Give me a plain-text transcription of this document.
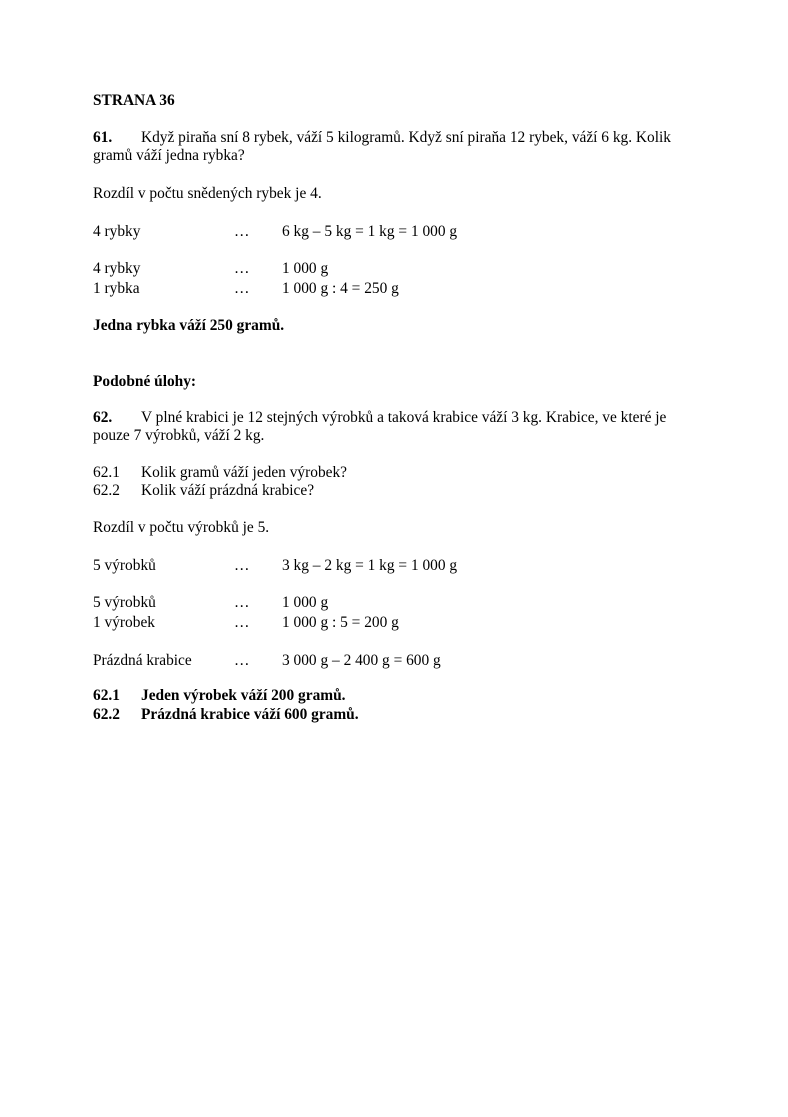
STRANA 36
61. Když piraňa sní 8 rybek, váží 5 kilogramů. Když sní piraňa 12 rybek, váží 6 kg. Kolik
gramů váží jedna rybka?
Rozdíl v počtu snědených rybek je 4.
4 rybky	… 6 kg – 5 kg = 1 kg = 1 000 g
4 rybky	… 1 000 g
1 rybka	… 1 000 g : 4 = 250 g
Jedna rybka váží 250 gramů.
Podobné úlohy:
62. V plné krabici je 12 stejných výrobků a taková krabice váží 3 kg. Krabice, ve které je
pouze 7 výrobků, váží 2 kg.
62.1 Kolik gramů váží jeden výrobek?
62.2 Kolik váží prázdná krabice?
Rozdíl v počtu výrobků je 5.
5 výrobků	… 3 kg – 2 kg = 1 kg = 1 000 g
5 výrobků	… 1 000 g
1 výrobek	… 1 000 g : 5 = 200 g
Prázdná krabice	… 3 000 g – 2 400 g = 600 g
62.1 Jeden výrobek váží 200 gramů.
62.2 Prázdná krabice váží 600 gramů.
